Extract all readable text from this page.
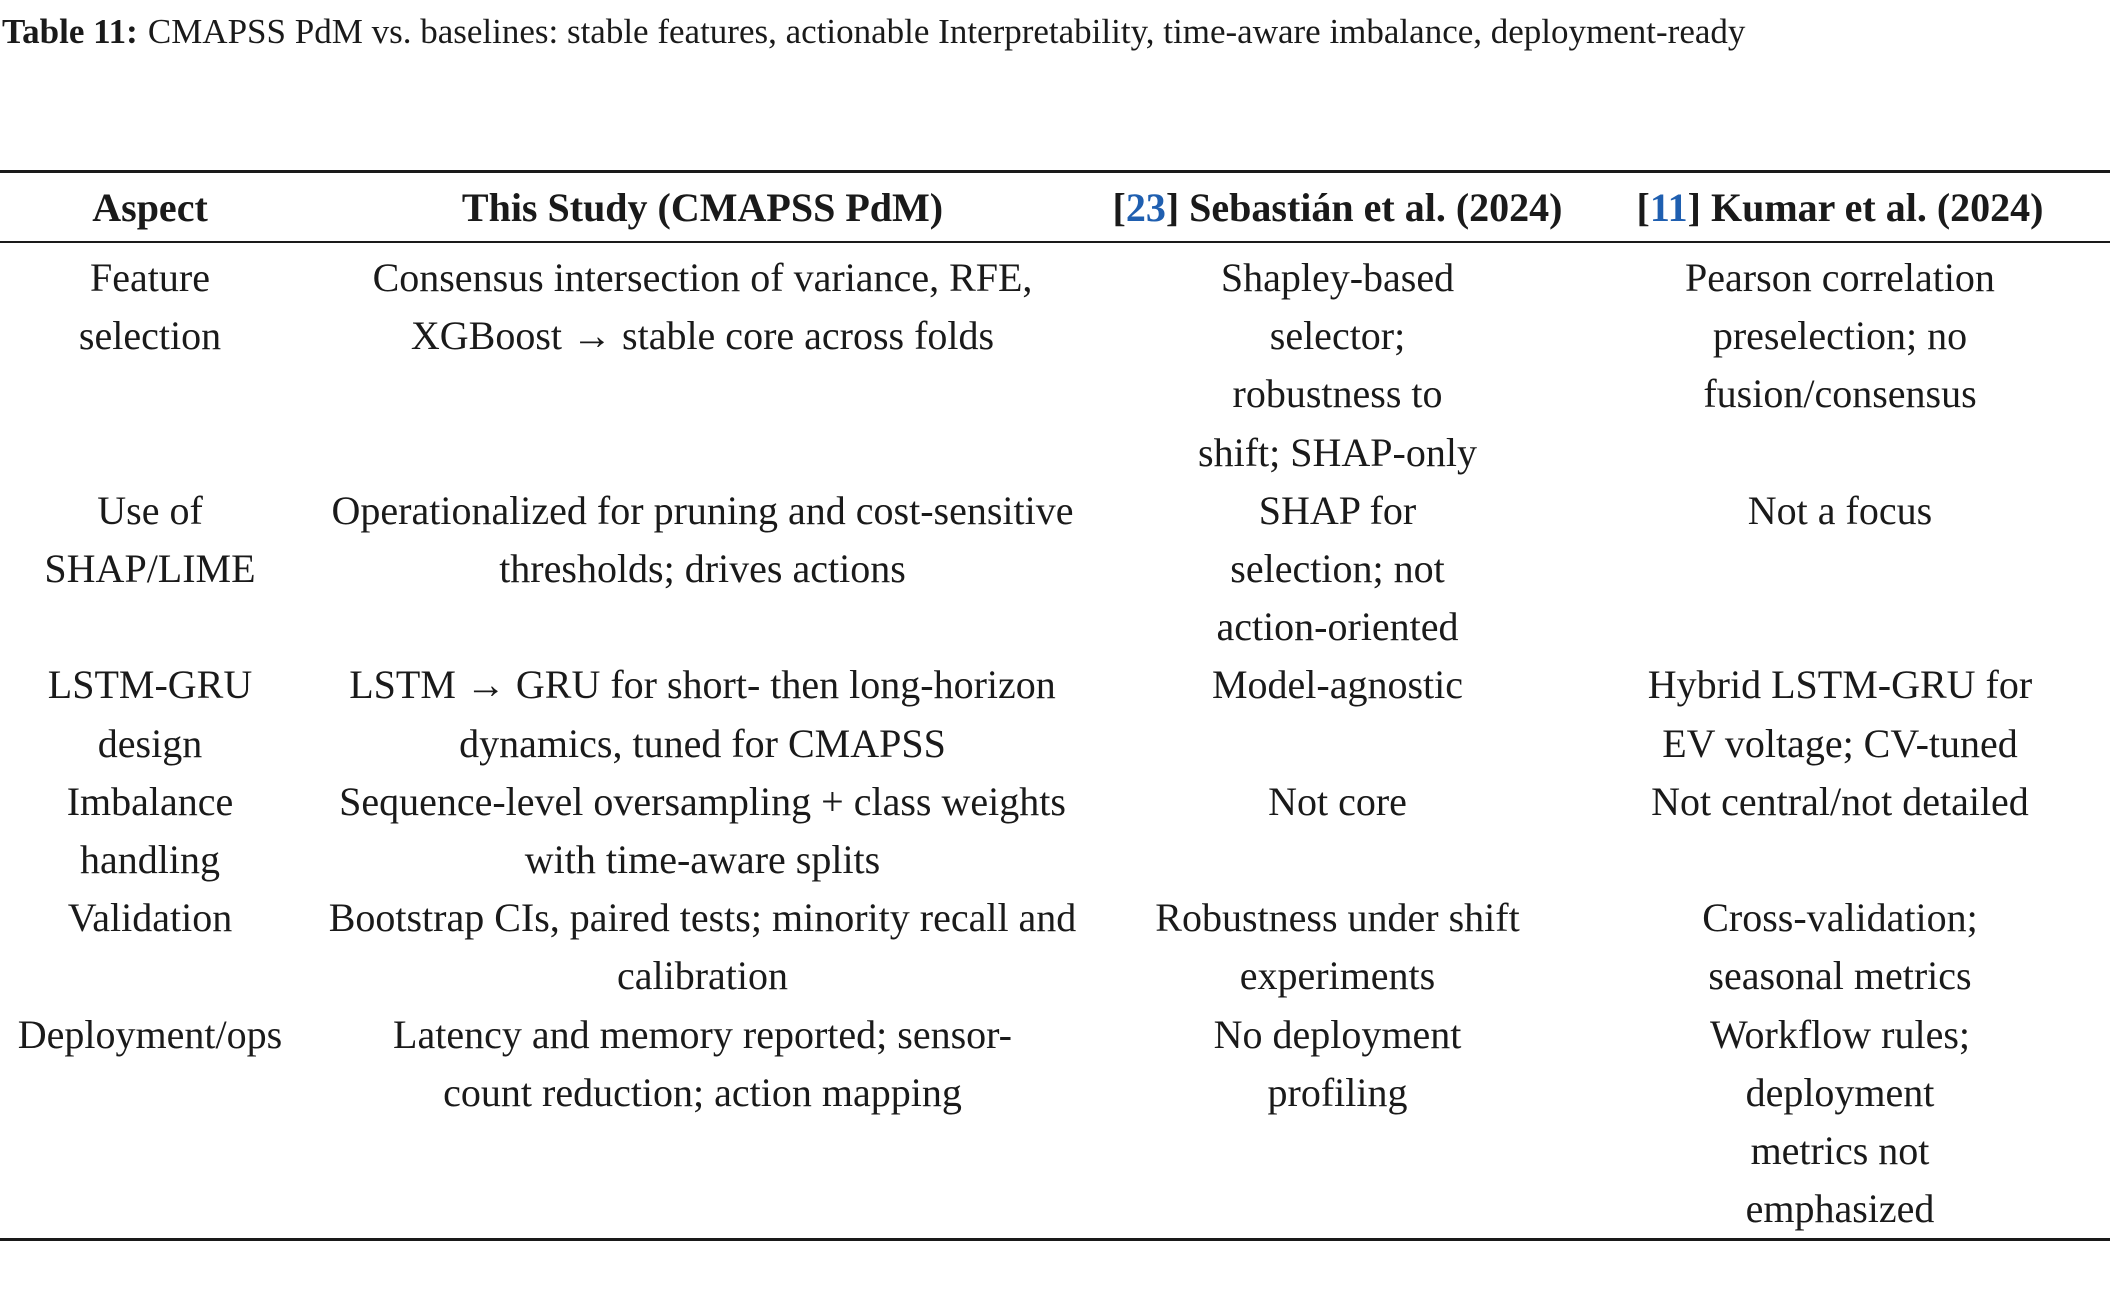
Table 11: CMAPSS PdM vs. baselines: stable features, actionable Interpretability, time-aware imbalance, deployment-ready
Aspect	This Study (CMAPSS PdM)	[23] Sebastián et al. (2024)	[11] Kumar et al. (2024)
Feature selection	Consensus intersection of variance, RFE, XGBoost → stable core across folds	Shapley-based selector; robustness to shift; SHAP-only	Pearson correlation preselection; no fusion/consensus
Use of SHAP/LIME	Operationalized for pruning and cost-sensitive thresholds; drives actions	SHAP for selection; not action-oriented	Not a focus
LSTM-GRU design	LSTM → GRU for short- then long-horizon dynamics, tuned for CMAPSS	Model-agnostic	Hybrid LSTM-GRU for EV voltage; CV-tuned
Imbalance handling	Sequence-level oversampling + class weights with time-aware splits	Not core	Not central/not detailed
Validation	Bootstrap CIs, paired tests; minority recall and calibration	Robustness under shift experiments	Cross-validation; seasonal metrics
Deployment/ops	Latency and memory reported; sensor-count reduction; action mapping	No deployment profiling	Workflow rules; deployment metrics not emphasized
